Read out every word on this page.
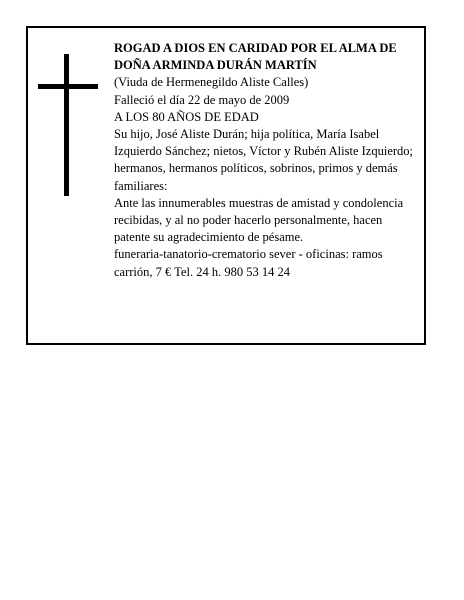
ROGAD A DIOS EN CARIDAD POR EL ALMA DE DOÑA ARMINDA DURÁN MARTÍN

(Viuda de Hermenegildo Aliste Calles)

Falleció el día 22 de mayo de 2009

A LOS 80 AÑOS DE EDAD

Su hijo, José Aliste Durán; hija política, María Isabel Izquierdo Sánchez; nietos, Víctor y Rubén Aliste Izquierdo; hermanos, hermanos políticos, sobrinos, primos y demás familiares:

Ante las innumerables muestras de amistad y condolencia recibidas, y al no poder hacerlo personalmente, hacen patente su agradecimiento de pésame.

funeraria-tanatorio-crematorio sever - oficinas: ramos carrión, 7 € Tel. 24 h. 980 53 14 24
